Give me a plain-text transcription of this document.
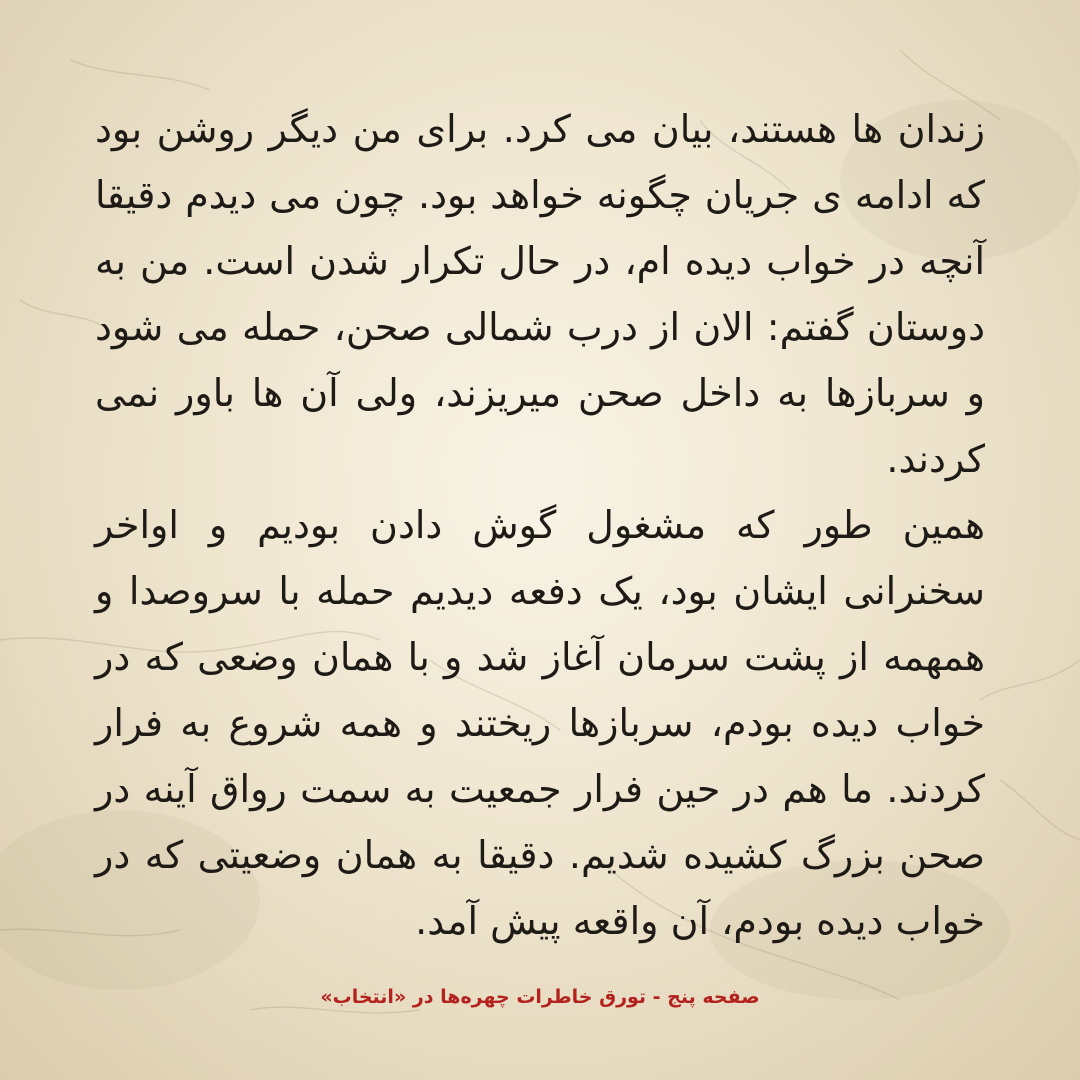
زندان ها هستند، بیان می کرد. برای من دیگر روشن بود که ادامه ی جریان چگونه خواهد بود. چون می دیدم دقیقا آنچه در خواب دیده ام، در حال تکرار شدن است. من به دوستان گفتم: الان از درب شمالی صحن، حمله می شود و سربازها به داخل صحن میریزند، ولی آن ها باور نمی کردند.

همین طور که مشغول گوش دادن بودیم و اواخر سخنرانی ایشان بود، یک دفعه دیدیم حمله با سروصدا و همهمه از پشت سرمان آغاز شد و با همان وضعی که در خواب دیده بودم، سربازها ریختند و همه شروع به فرار کردند. ما هم در حین فرار جمعیت به سمت رواق آینه در صحن بزرگ کشیده شدیم. دقیقا به همان وضعیتی که در خواب دیده بودم، آن واقعه پیش آمد.

صفحه پنج - تورق خاطرات چهره‌ها در «انتخاب»
